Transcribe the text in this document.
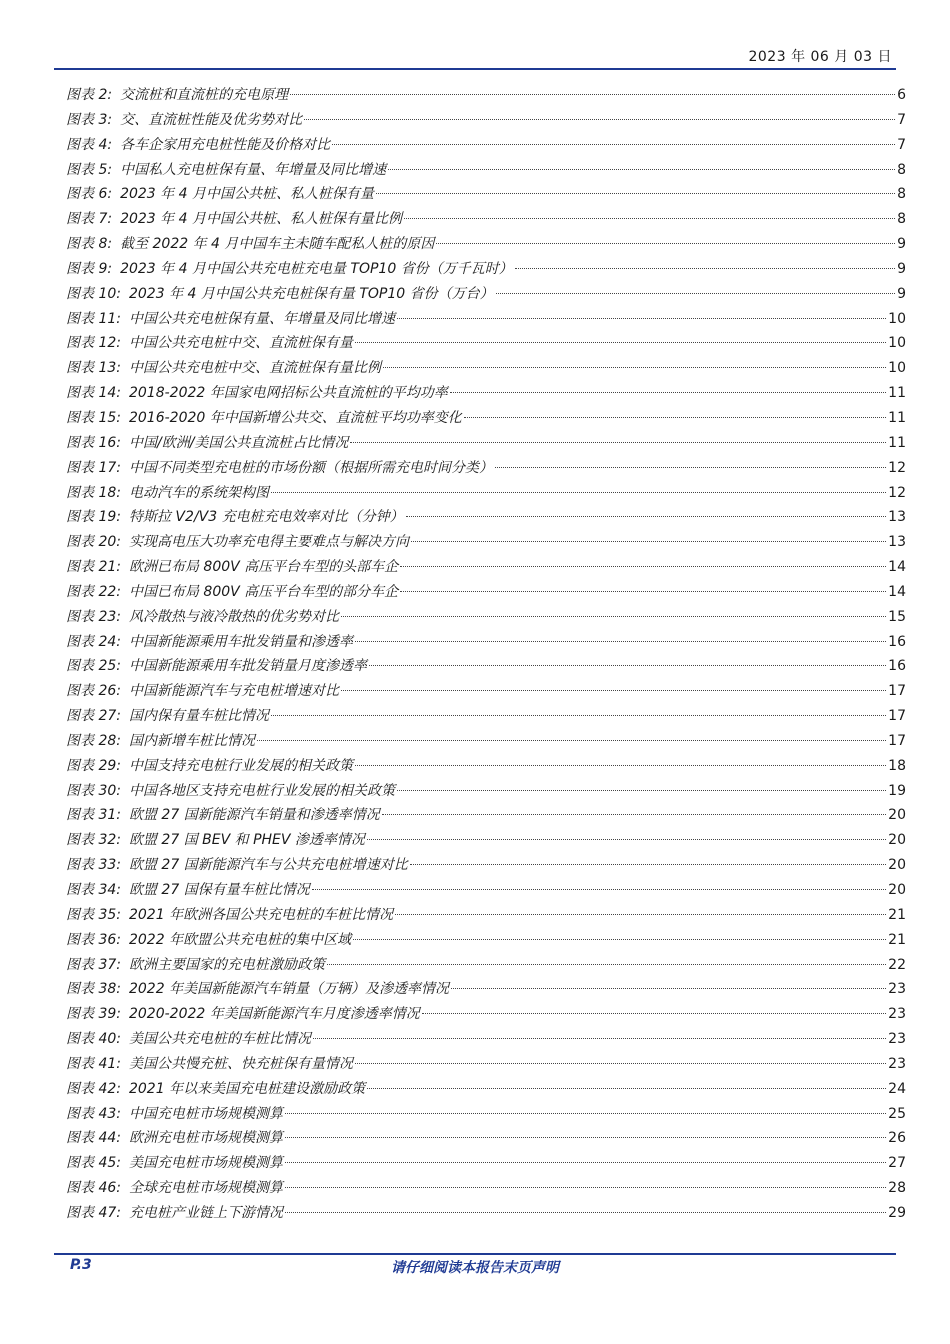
2023 年 06 月 03 日
图表 2: 交流桩和直流桩的充电原理	6
图表 3: 交、直流桩性能及优劣势对比	7
图表 4: 各车企家用充电桩性能及价格对比	7
图表 5: 中国私人充电桩保有量、年增量及同比增速	8
图表 6: 2023 年 4 月中国公共桩、私人桩保有量	8
图表 7: 2023 年 4 月中国公共桩、私人桩保有量比例	8
图表 8: 截至 2022 年 4 月中国车主未随车配私人桩的原因	9
图表 9: 2023 年 4 月中国公共充电桩充电量 TOP10 省份（万千瓦时）	9
图表 10: 2023 年 4 月中国公共充电桩保有量 TOP10 省份（万台）	9
图表 11: 中国公共充电桩保有量、年增量及同比增速	10
图表 12: 中国公共充电桩中交、直流桩保有量	10
图表 13: 中国公共充电桩中交、直流桩保有量比例	10
图表 14: 2018-2022 年国家电网招标公共直流桩的平均功率	11
图表 15: 2016-2020 年中国新增公共交、直流桩平均功率变化	11
图表 16: 中国/欧洲/美国公共直流桩占比情况	11
图表 17: 中国不同类型充电桩的市场份额（根据所需充电时间分类）	12
图表 18: 电动汽车的系统架构图	12
图表 19: 特斯拉 V2/V3 充电桩充电效率对比（分钟）	13
图表 20: 实现高电压大功率充电得主要难点与解决方向	13
图表 21: 欧洲已布局 800V 高压平台车型的头部车企	14
图表 22: 中国已布局 800V 高压平台车型的部分车企	14
图表 23: 风冷散热与液冷散热的优劣势对比	15
图表 24: 中国新能源乘用车批发销量和渗透率	16
图表 25: 中国新能源乘用车批发销量月度渗透率	16
图表 26: 中国新能源汽车与充电桩增速对比	17
图表 27: 国内保有量车桩比情况	17
图表 28: 国内新增车桩比情况	17
图表 29: 中国支持充电桩行业发展的相关政策	18
图表 30: 中国各地区支持充电桩行业发展的相关政策	19
图表 31: 欧盟 27 国新能源汽车销量和渗透率情况	20
图表 32: 欧盟 27 国 BEV 和 PHEV 渗透率情况	20
图表 33: 欧盟 27 国新能源汽车与公共充电桩增速对比	20
图表 34: 欧盟 27 国保有量车桩比情况	20
图表 35: 2021 年欧洲各国公共充电桩的车桩比情况	21
图表 36: 2022 年欧盟公共充电桩的集中区域	21
图表 37: 欧洲主要国家的充电桩激励政策	22
图表 38: 2022 年美国新能源汽车销量（万辆）及渗透率情况	23
图表 39: 2020-2022 年美国新能源汽车月度渗透率情况	23
图表 40: 美国公共充电桩的车桩比情况	23
图表 41: 美国公共慢充桩、快充桩保有量情况	23
图表 42: 2021 年以来美国充电桩建设激励政策	24
图表 43: 中国充电桩市场规模测算	25
图表 44: 欧洲充电桩市场规模测算	26
图表 45: 美国充电桩市场规模测算	27
图表 46: 全球充电桩市场规模测算	28
图表 47: 充电桩产业链上下游情况	29
P.3	请仔细阅读本报告末页声明
